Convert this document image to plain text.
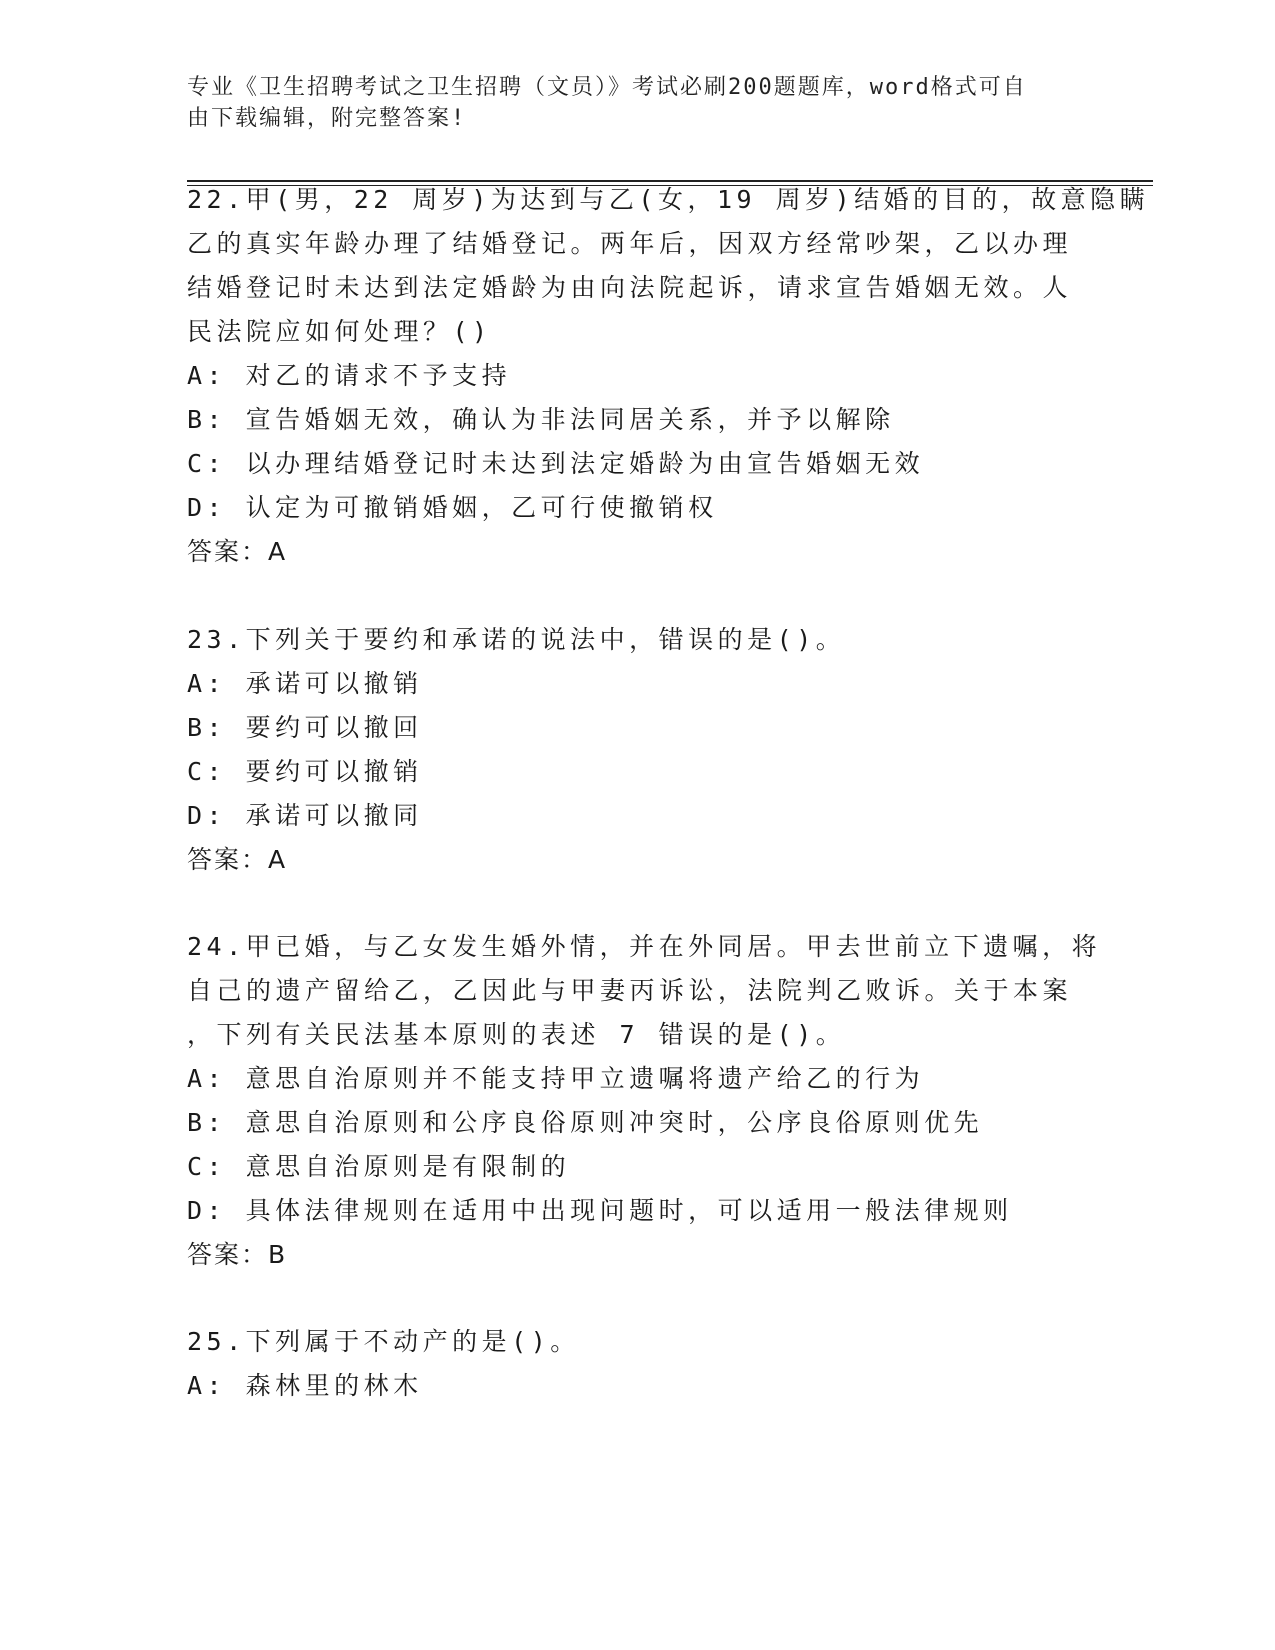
专业《卫生招聘考试之卫生招聘（文员）》考试必刷200题题库，word格式可自
由下载编辑，附完整答案!
22.甲(男，22 周岁)为达到与乙(女，19 周岁)结婚的目的，故意隐瞒
乙的真实年龄办理了结婚登记。两年后，因双方经常吵架，乙以办理
结婚登记时未达到法定婚龄为由向法院起诉，请求宣告婚姻无效。人
民法院应如何处理？()
A: 对乙的请求不予支持
B: 宣告婚姻无效，确认为非法同居关系，并予以解除
C: 以办理结婚登记时未达到法定婚龄为由宣告婚姻无效
D: 认定为可撤销婚姻，乙可行使撤销权
答案：A
23.下列关于要约和承诺的说法中，错误的是()。
A: 承诺可以撤销
B: 要约可以撤回
C: 要约可以撤销
D: 承诺可以撤同
答案：A
24.甲已婚，与乙女发生婚外情，并在外同居。甲去世前立下遗嘱，将
自己的遗产留给乙，乙因此与甲妻丙诉讼，法院判乙败诉。关于本案
，下列有关民法基本原则的表述 7 错误的是()。
A: 意思自治原则并不能支持甲立遗嘱将遗产给乙的行为
B: 意思自治原则和公序良俗原则冲突时，公序良俗原则优先
C: 意思自治原则是有限制的
D: 具体法律规则在适用中出现问题时，可以适用一般法律规则
答案：B
25.下列属于不动产的是()。
A: 森林里的林木
